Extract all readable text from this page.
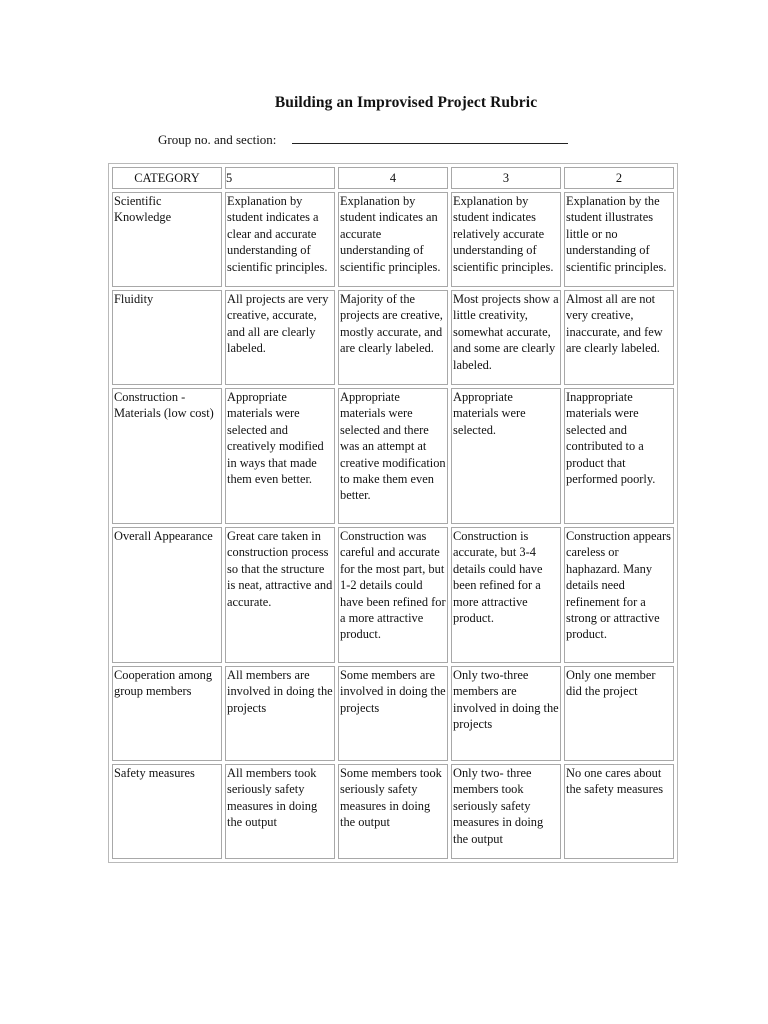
Building an Improvised Project Rubric
Group no. and section:
CATEGORY	5	4	3	2
Scientific Knowledge	Explanation by student indicates a clear and accurate understanding of scientific principles.	Explanation by student indicates an accurate understanding of scientific principles.	Explanation by student indicates relatively accurate understanding of scientific principles.	Explanation by the student illustrates little or no understanding of scientific principles.
Fluidity	All projects are very creative, accurate, and all are clearly labeled.	Majority of the projects are creative, mostly accurate, and are clearly labeled.	Most projects show a little creativity, somewhat accurate, and some are clearly labeled.	Almost all are not very creative, inaccurate, and few are clearly labeled.
Construction -Materials (low cost)	Appropriate materials were selected and creatively modified in ways that made them even better.	Appropriate materials were selected and there was an attempt at creative modification to make them even better.	Appropriate materials were selected.	Inappropriate materials were selected and contributed to a product that performed poorly.
Overall Appearance	Great care taken in construction process so that the structure is neat, attractive and accurate.	Construction was careful and accurate for the most part, but 1-2 details could have been refined for a more attractive product.	Construction is accurate, but 3-4 details could have been refined for a more attractive product.	Construction appears careless or haphazard. Many details need refinement for a strong or attractive product.
Cooperation among group members	All members are involved in doing the projects	Some members are involved in doing the projects	Only two-three members are involved in doing the projects	Only one member did the project
Safety measures	All members took seriously safety measures in doing the output	Some members took seriously safety measures in doing the output	Only two- three members took seriously safety measures in doing the output	No one cares about the safety measures
